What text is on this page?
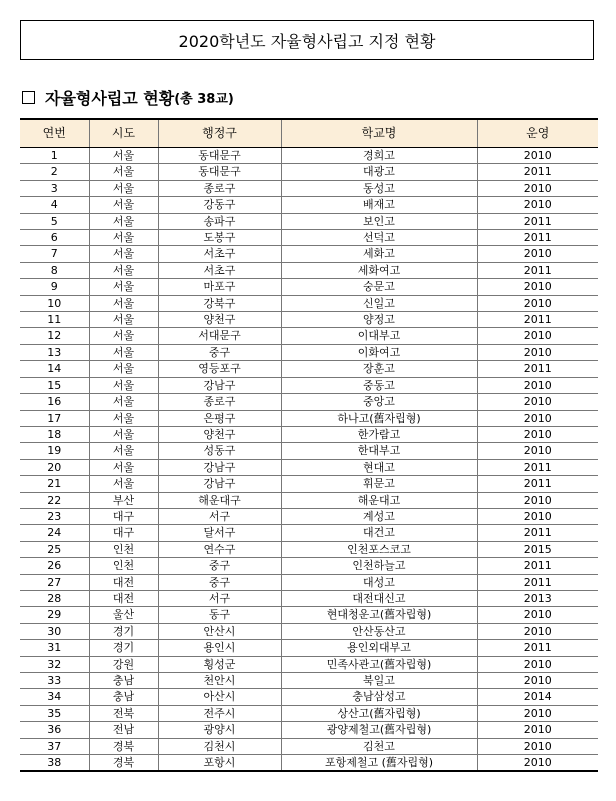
2020학년도 자율형사립고 지정 현황
자율형사립고 현황 (총 38교)
연번	시도	행정구	학교명	운영
1	서울	동대문구	경희고	2010
2	서울	동대문구	대광고	2011
3	서울	종로구	동성고	2010
4	서울	강동구	배재고	2010
5	서울	송파구	보인고	2011
6	서울	도봉구	선덕고	2011
7	서울	서초구	세화고	2010
8	서울	서초구	세화여고	2011
9	서울	마포구	숭문고	2010
10	서울	강북구	신일고	2010
11	서울	양천구	양정고	2011
12	서울	서대문구	이대부고	2010
13	서울	중구	이화여고	2010
14	서울	영등포구	장훈고	2011
15	서울	강남구	중동고	2010
16	서울	종로구	중앙고	2010
17	서울	은평구	하나고(舊자립형)	2010
18	서울	양천구	한가람고	2010
19	서울	성동구	한대부고	2010
20	서울	강남구	현대고	2011
21	서울	강남구	휘문고	2011
22	부산	해운대구	해운대고	2010
23	대구	서구	계성고	2010
24	대구	달서구	대건고	2011
25	인천	연수구	인천포스코고	2015
26	인천	중구	인천하늘고	2011
27	대전	중구	대성고	2011
28	대전	서구	대전대신고	2013
29	울산	동구	현대청운고(舊자립형)	2010
30	경기	안산시	안산동산고	2010
31	경기	용인시	용인외대부고	2011
32	강원	횡성군	민족사관고(舊자립형)	2010
33	충남	천안시	북일고	2010
34	충남	아산시	충남삼성고	2014
35	전북	전주시	상산고(舊자립형)	2010
36	전남	광양시	광양제철고(舊자립형)	2010
37	경북	김천시	김천고	2010
38	경북	포항시	포항제철고 (舊자립형)	2010
